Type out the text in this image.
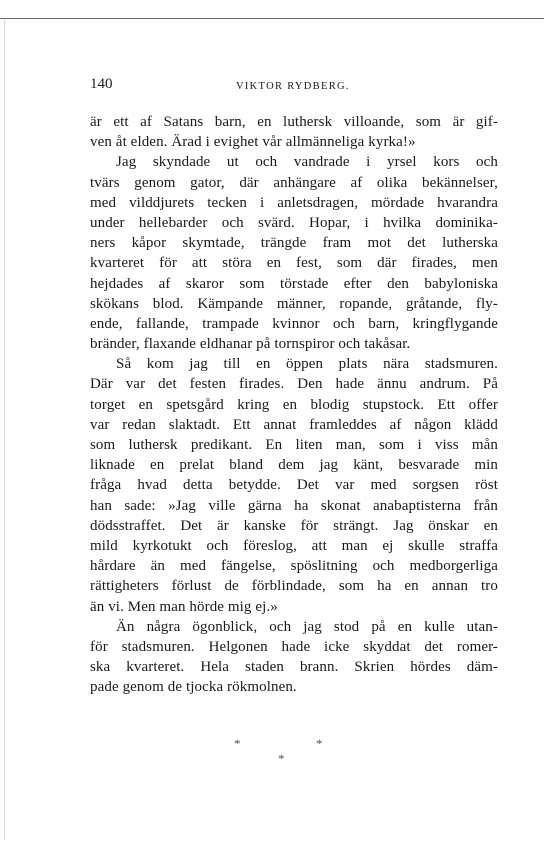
140	VIKTOR RYDBERG.
är ett af Satans barn, en luthersk villoande, som är gif-
ven åt elden. Ärad i evighet vår allmänneliga kyrka!»
Jag skyndade ut och vandrade i yrsel kors och
tvärs genom gator, där anhängare af olika bekännelser,
med vilddjurets tecken i anletsdragen, mördade hvarandra
under hellebarder och svärd. Hopar, i hvilka dominika-
ners kåpor skymtade, trängde fram mot det lutherska
kvarteret för att störa en fest, som där firades, men
hejdades af skaror som törstade efter den babyloniska
skökans blod. Kämpande männer, ropande, gråtande, fly-
ende, fallande, trampade kvinnor och barn, kringflygande
bränder, flaxande eldhanar på tornspiror och takåsar.
Så kom jag till en öppen plats nära stadsmuren.
Där var det festen firades. Den hade ännu andrum. På
torget en spetsgård kring en blodig stupstock. Ett offer
var redan slaktadt. Ett annat framleddes af någon klädd
som luthersk predikant. En liten man, som i viss mån
liknade en prelat bland dem jag känt, besvarade min
fråga hvad detta betydde. Det var med sorgsen röst
han sade: »Jag ville gärna ha skonat anabaptisterna från
dödsstraffet. Det är kanske för strängt. Jag önskar en
mild kyrkotukt och föreslog, att man ej skulle straffa
hårdare än med fängelse, spöslitning och medborgerliga
rättigheters förlust de förblindade, som ha en annan tro
än vi. Men man hörde mig ej.»
Än några ögonblick, och jag stod på en kulle utan-
för stadsmuren. Helgonen hade icke skyddat det romer-
ska kvarteret. Hela staden brann. Skrien hördes däm-
pade genom de tjocka rökmolnen.
*	*
*
